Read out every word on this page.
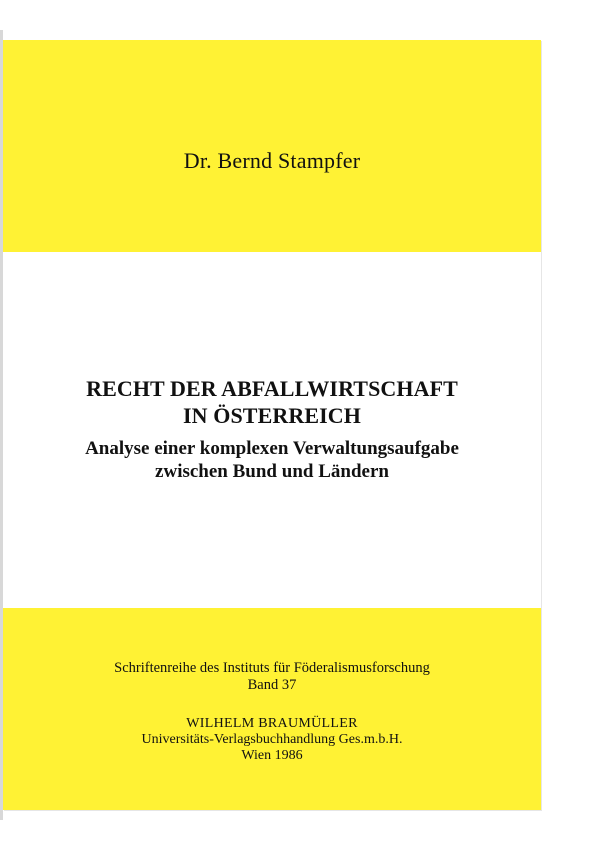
Dr. Bernd Stampfer
RECHT DER ABFALLWIRTSCHAFT
IN ÖSTERREICH
Analyse einer komplexen Verwaltungsaufgabe
zwischen Bund und Ländern
Schriftenreihe des Instituts für Föderalismusforschung
Band 37
WILHELM BRAUMÜLLER
Universitäts-Verlagsbuchhandlung Ges.m.b.H.
Wien 1986
